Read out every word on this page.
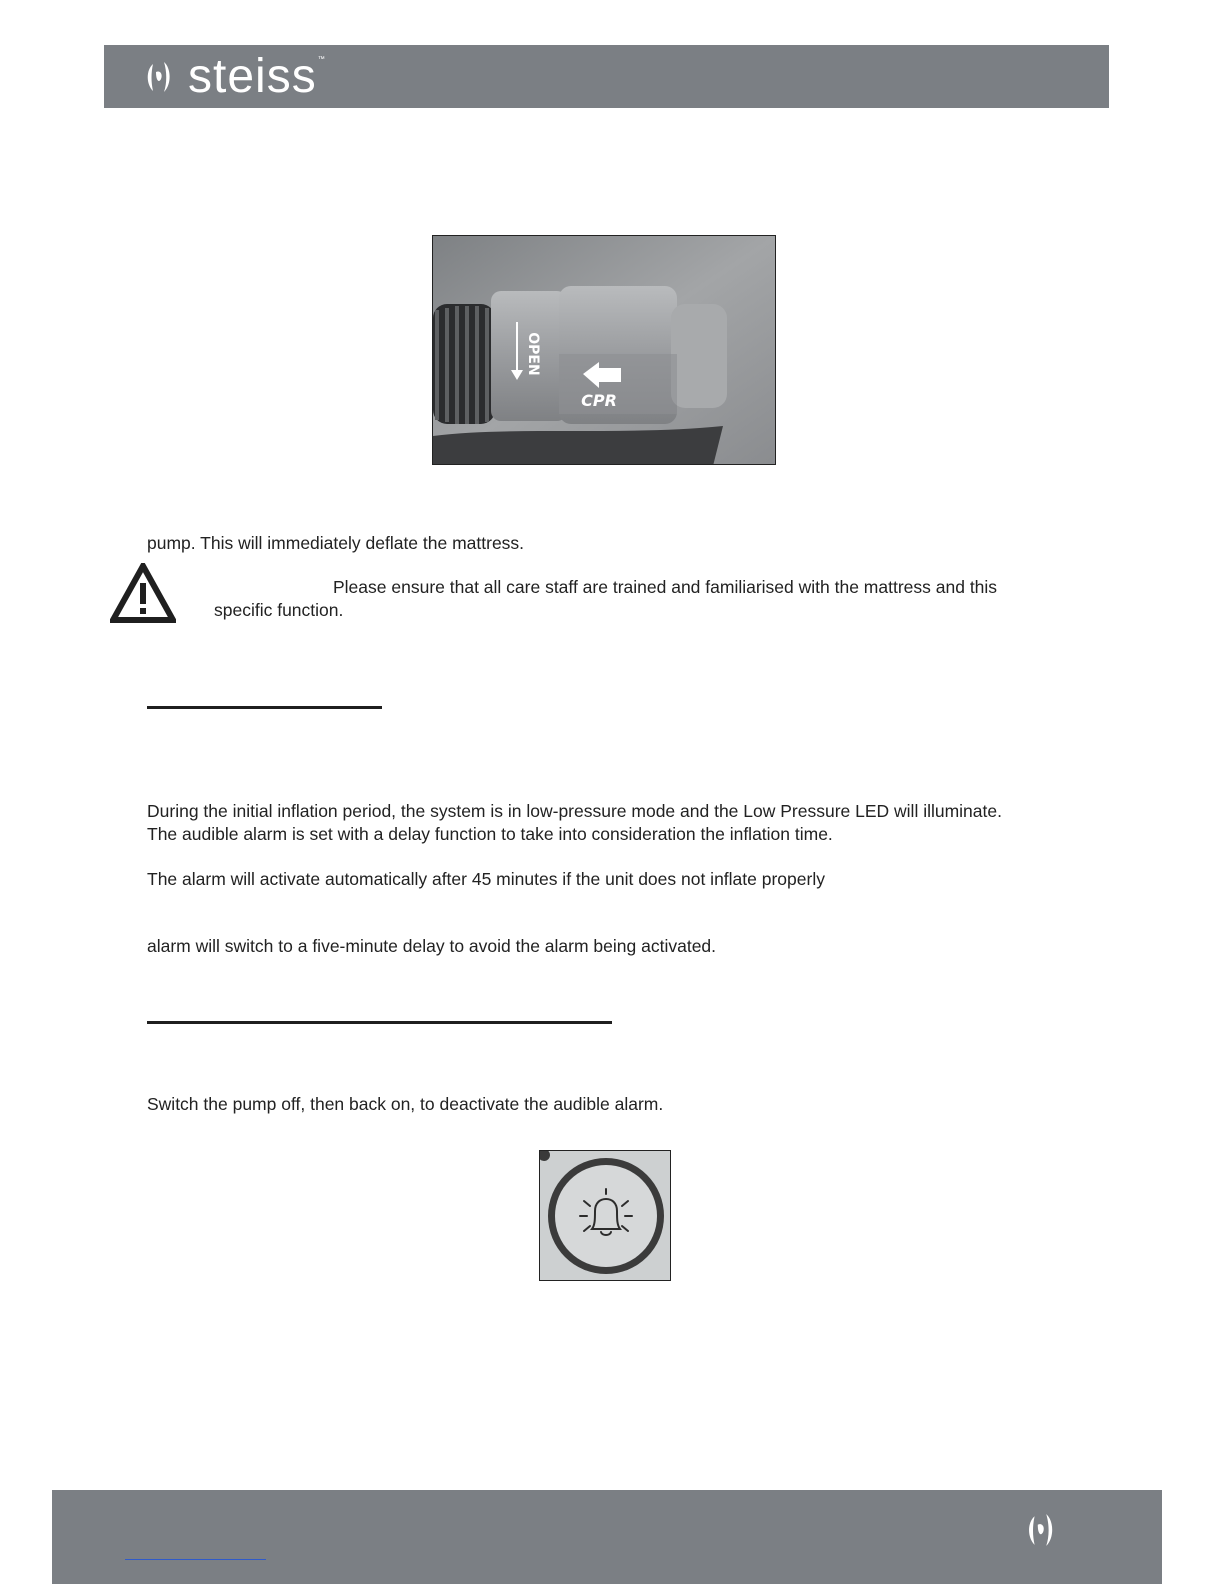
steiss ™
OPEN
CPR
pump. This will immediately deflate the mattress.
Please ensure that all care staff are trained and familiarised with the mattress and this
specific function.
During the initial inflation period, the system is in low-pressure mode and the Low Pressure LED will illuminate.
The audible alarm is set with a delay function to take into consideration the inflation time.
The alarm will activate automatically after 45 minutes if the unit does not inflate properly
alarm will switch to a five-minute delay to avoid the alarm being activated.
Switch the pump off, then back on, to deactivate the audible alarm.
